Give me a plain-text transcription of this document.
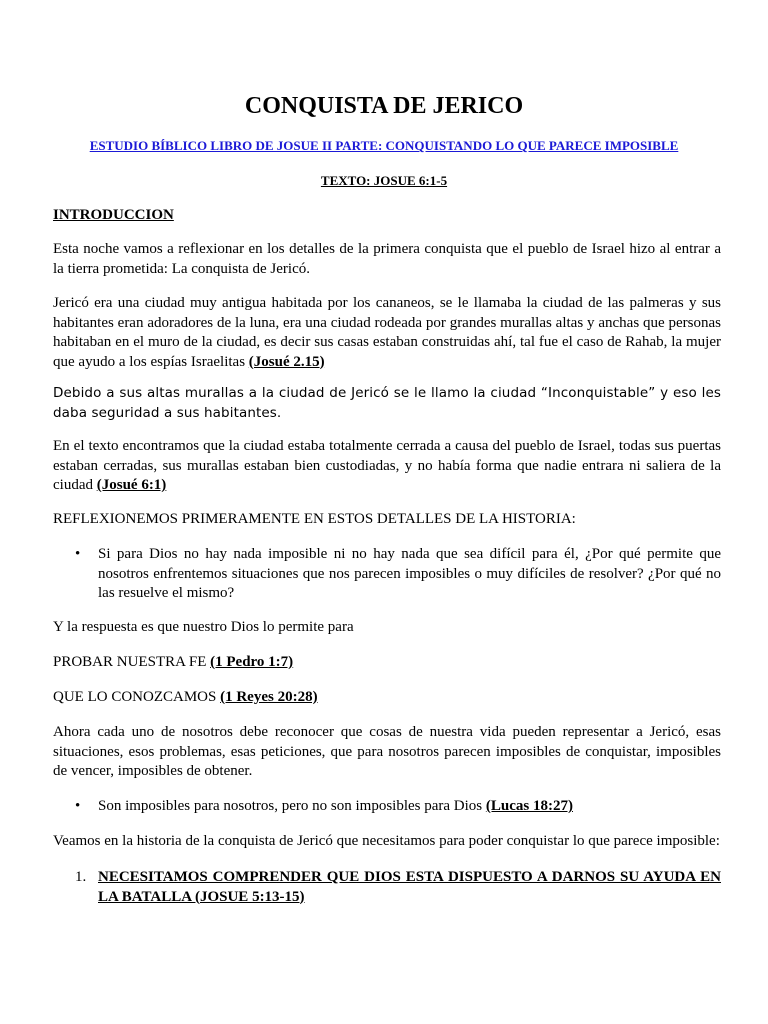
CONQUISTA DE JERICO
ESTUDIO BÍBLICO LIBRO DE JOSUE II PARTE: CONQUISTANDO LO QUE PARECE IMPOSIBLE
TEXTO: JOSUE 6:1-5
INTRODUCCION
Esta noche vamos a reflexionar en los detalles de la primera conquista que el pueblo de Israel hizo al entrar a la tierra prometida: La conquista de Jericó.
Jericó era una ciudad muy antigua habitada por los cananeos, se le llamaba la ciudad de las palmeras y sus habitantes eran adoradores de la luna, era una ciudad rodeada por grandes murallas altas y anchas que personas habitaban en el muro de la ciudad, es decir sus casas estaban construidas ahí, tal fue el caso de Rahab, la mujer que ayudo a los espías Israelitas (Josué 2.15)
Debido a sus altas murallas a la ciudad de Jericó se le llamo la ciudad “Inconquistable” y eso les daba seguridad a sus habitantes.
En el texto encontramos que la ciudad estaba totalmente cerrada a causa del pueblo de Israel, todas sus puertas estaban cerradas, sus murallas estaban bien custodiadas, y no había forma que nadie entrara ni saliera de la ciudad (Josué 6:1)
REFLEXIONEMOS PRIMERAMENTE EN ESTOS DETALLES DE LA HISTORIA:
•	Si para Dios no hay nada imposible ni no hay nada que sea difícil para él, ¿Por qué permite que nosotros enfrentemos situaciones que nos parecen imposibles o muy difíciles de resolver? ¿Por qué no las resuelve el mismo?
Y la respuesta es que nuestro Dios lo permite para
PROBAR NUESTRA FE (1 Pedro 1:7)
QUE LO CONOZCAMOS (1 Reyes 20:28)
Ahora cada uno de nosotros debe reconocer que cosas de nuestra vida pueden representar a Jericó, esas situaciones, esos problemas, esas peticiones, que para nosotros parecen imposibles de conquistar, imposibles de vencer, imposibles de obtener.
•	Son imposibles para nosotros, pero no son imposibles para Dios (Lucas 18:27)
Veamos en la historia de la conquista de Jericó que necesitamos para poder conquistar lo que parece imposible:
1. NECESITAMOS COMPRENDER QUE DIOS ESTA DISPUESTO A DARNOS SU AYUDA EN LA BATALLA (JOSUE 5:13-15)
